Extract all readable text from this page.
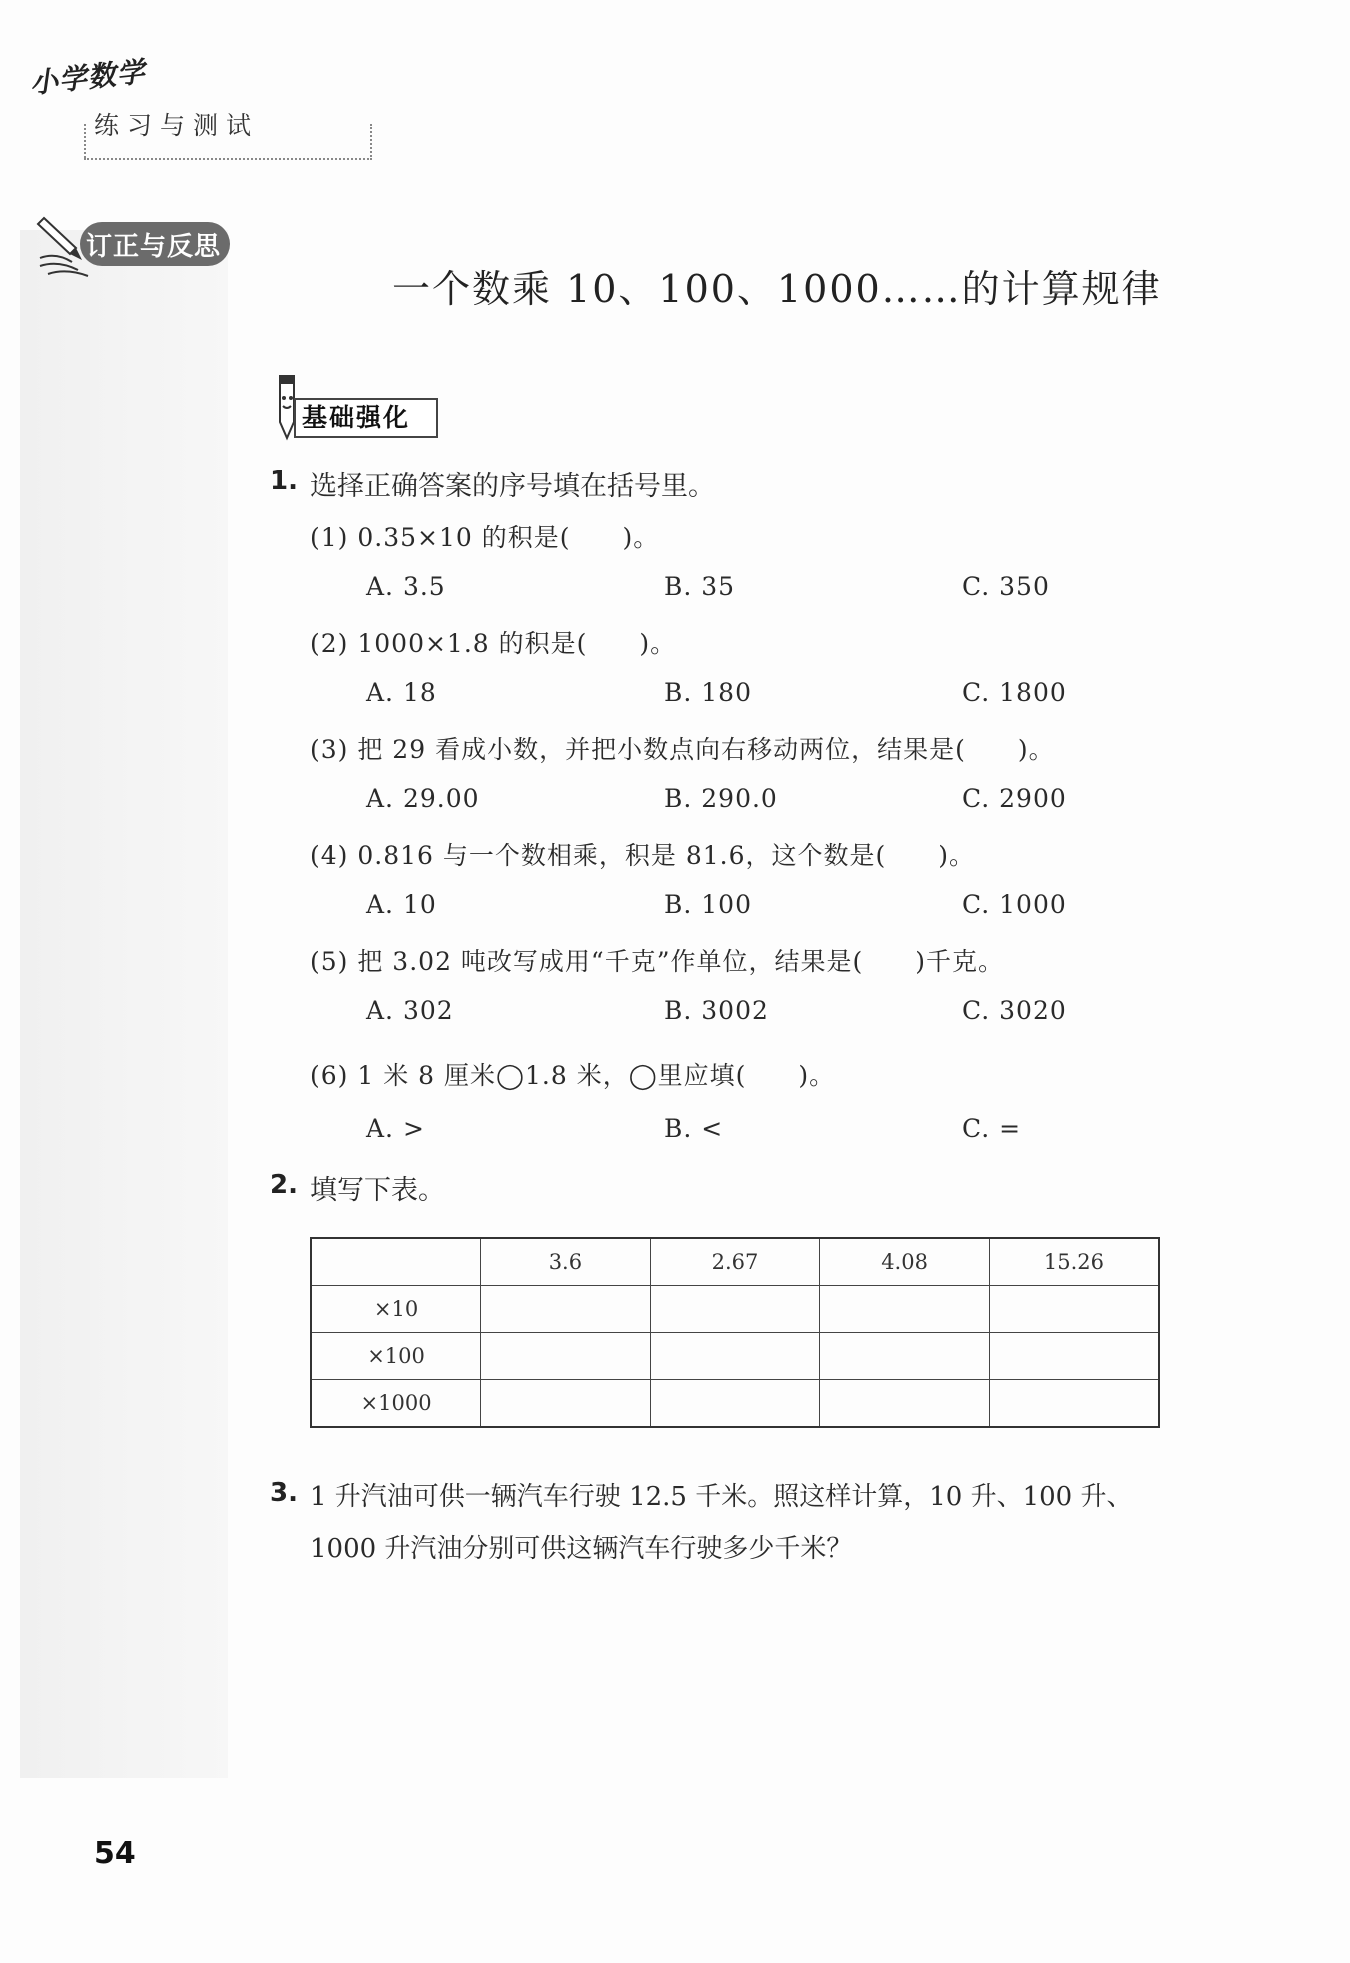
小学数学
练习与测试
订正与反思
一个数乘 10、100、1000……的计算规律
基础强化
1. 选择正确答案的序号填在括号里。
(1) 0.35×10 的积是(　　)。
A. 3.5	B. 35	C. 350
(2) 1000×1.8 的积是(　　)。
A. 18	B. 180	C. 1800
(3) 把 29 看成小数，并把小数点向右移动两位，结果是(　　)。
A. 29.00	B. 290.0	C. 2900
(4) 0.816 与一个数相乘，积是 81.6，这个数是(　　)。
A. 10	B. 100	C. 1000
(5) 把 3.02 吨改写成用“千克”作单位，结果是(　　)千克。
A. 302	B. 3002	C. 3020
(6) 1 米 8 厘米◯1.8 米，◯里应填(　　)。
A. >	B. <	C. =
2. 填写下表。
	3.6	2.67	4.08	15.26
×10				
×100				
×1000				
3. 1 升汽油可供一辆汽车行驶 12.5 千米。照这样计算，10 升、100 升、
1000 升汽油分别可供这辆汽车行驶多少千米？
54
